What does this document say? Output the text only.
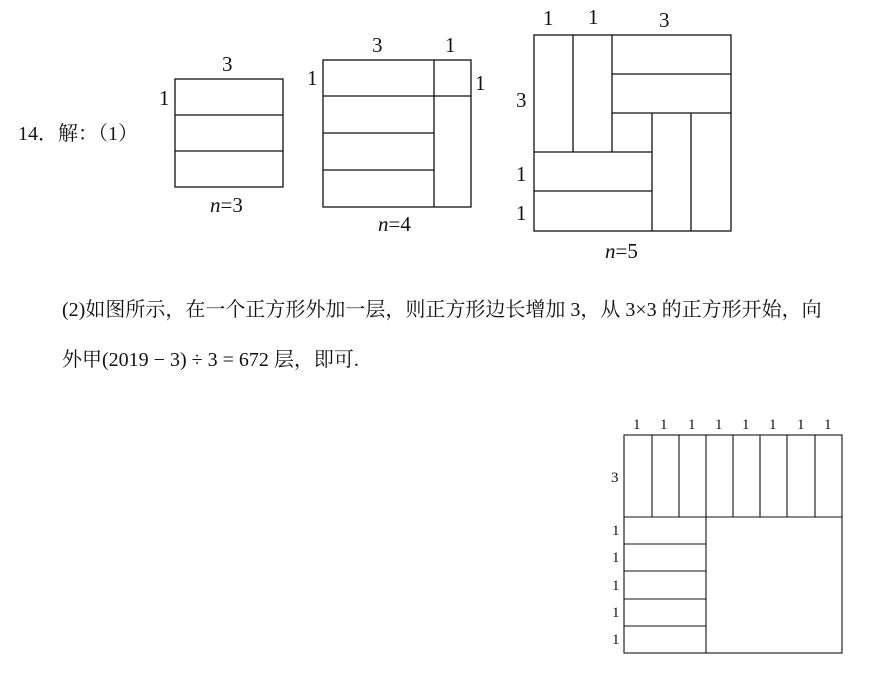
14．解：（1）
3
1
n=3
3	1
1	1
n=4
1 1	3
3
1
1
n=5
(2)如图所示，在一个正方形外加一层，则正方形边长增加 3，从 3×3 的正方形开始，向
外甲(2019 − 3) ÷ 3 = 672 层，即可.
1 1 1 1 1 1 1 1
3
1
1
1
1
1
